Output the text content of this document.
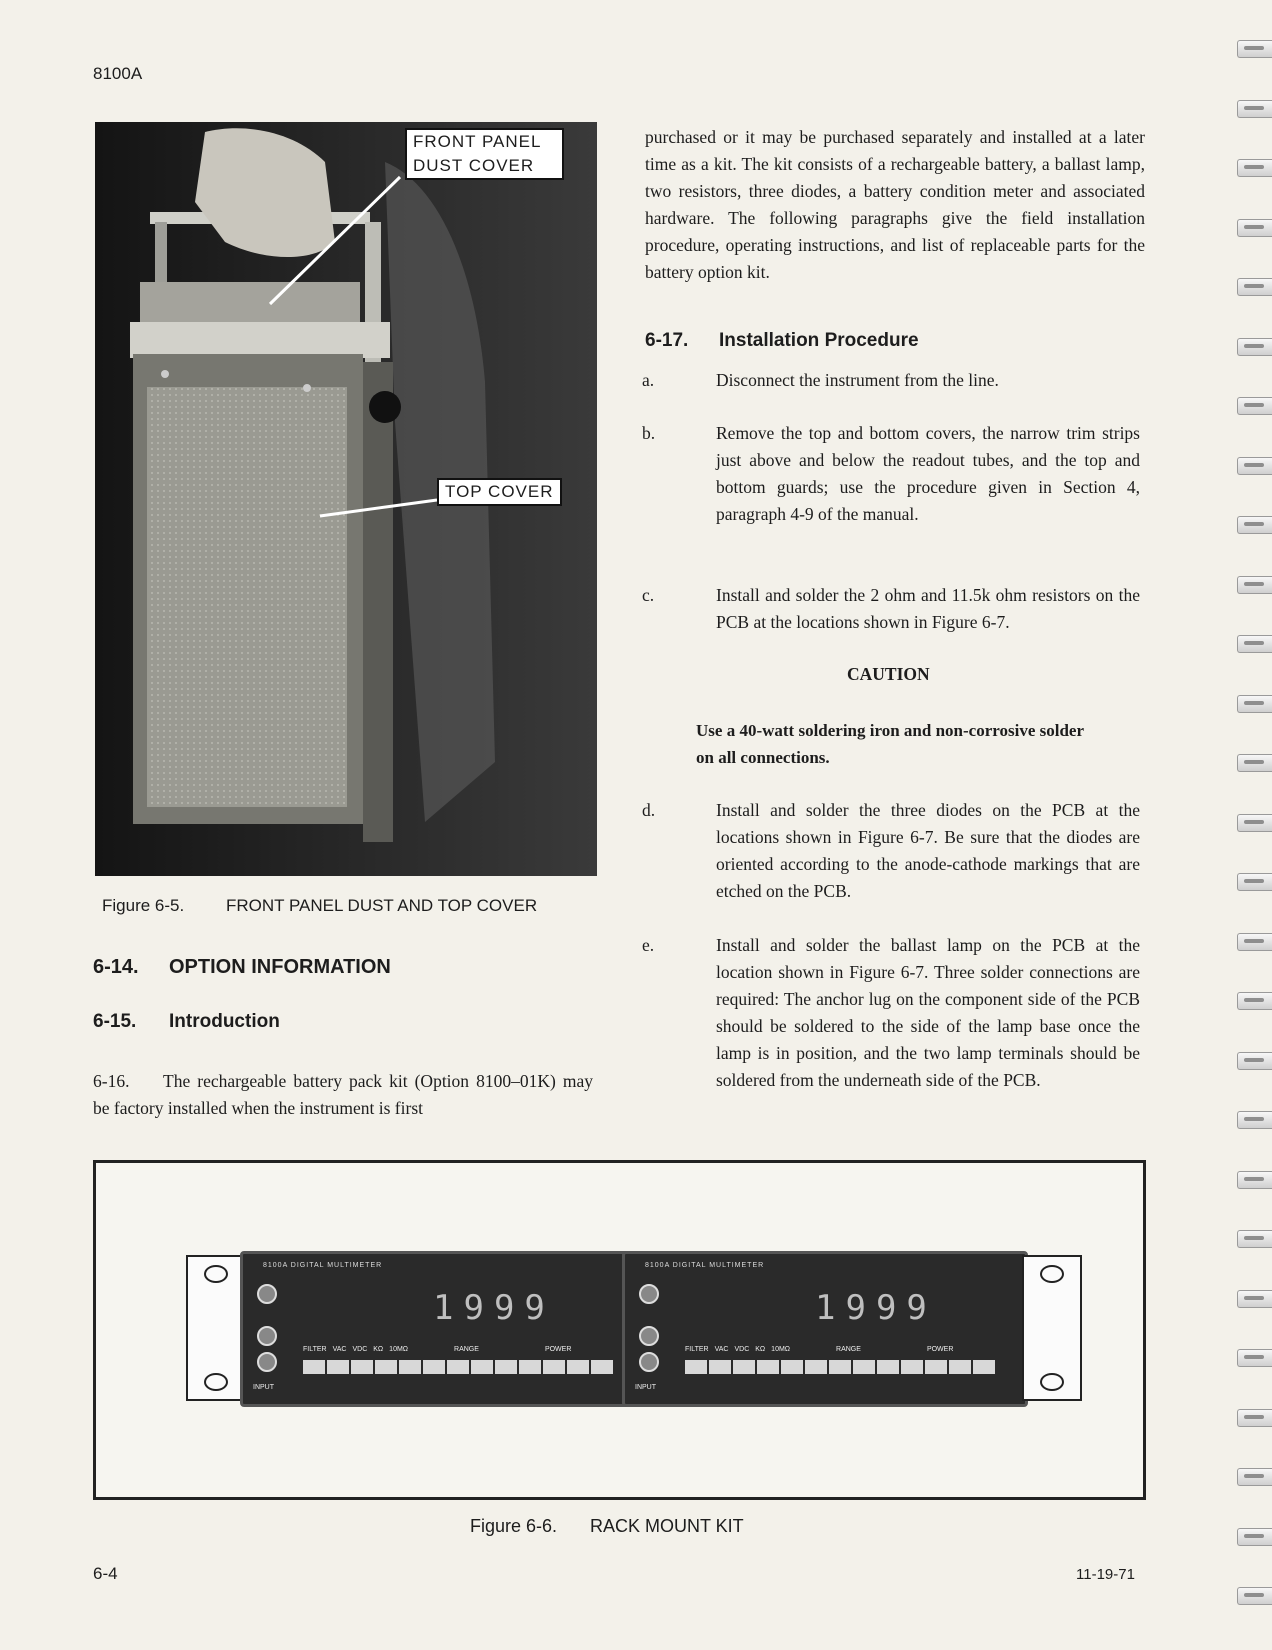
8100A
FRONT PANEL
DUST COVER
TOP COVER
Figure 6-5. FRONT PANEL DUST AND TOP COVER
6-14. OPTION INFORMATION
6-15. Introduction
6-16. The rechargeable battery pack kit (Option 8100–01K) may be factory installed when the instrument is first
purchased or it may be purchased separately and installed at a later time as a kit. The kit consists of a rechargeable battery, a ballast lamp, two resistors, three diodes, a battery condition meter and associated hardware. The following paragraphs give the field installation procedure, operating instructions, and list of replaceable parts for the battery option kit.
6-17. Installation Procedure
a.	Disconnect the instrument from the line.
b.	Remove the top and bottom covers, the narrow trim strips just above and below the readout tubes, and the top and bottom guards; use the procedure given in Section 4, paragraph 4-9 of the manual.
c.	Install and solder the 2 ohm and 11.5k ohm resistors on the PCB at the locations shown in Figure 6-7.
CAUTION
Use a 40-watt soldering iron and non-corrosive solder on all connections.
d.	Install and solder the three diodes on the PCB at the locations shown in Figure 6-7. Be sure that the diodes are oriented according to the anode-cathode markings that are etched on the PCB.
e.	Install and solder the ballast lamp on the PCB at the location shown in Figure 6-7. Three solder connections are required: The anchor lug on the component side of the PCB should be soldered to the side of the lamp base once the lamp is in position, and the two lamp terminals should be soldered from the underneath side of the PCB.
8100A DIGITAL MULTIMETER
1999
FILTER VAC VDC KΩ 10MΩ	RANGE	POWER
INPUT
8100A DIGITAL MULTIMETER
1999
FILTER VAC VDC KΩ 10MΩ	RANGE	POWER
INPUT
Figure 6-6. RACK MOUNT KIT
6-4	11-19-71
